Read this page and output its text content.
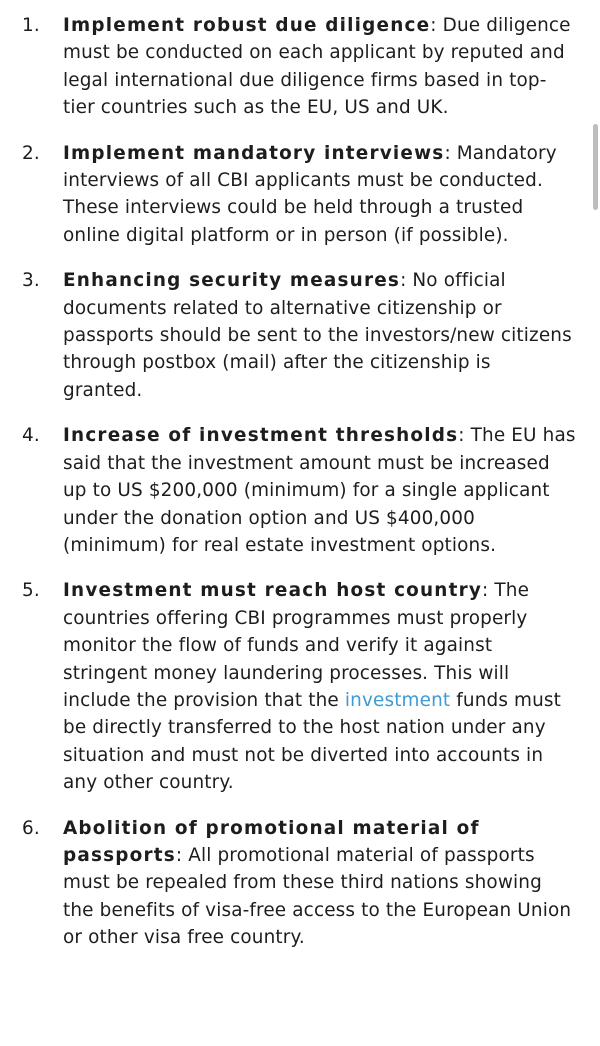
1.	Implement robust due diligence: Due diligence must be conducted on each applicant by reputed and legal international due diligence firms based in top-tier countries such as the EU, US and UK.
2.	Implement mandatory interviews: Mandatory interviews of all CBI applicants must be conducted. These interviews could be held through a trusted online digital platform or in person (if possible).
3.	Enhancing security measures: No official documents related to alternative citizenship or passports should be sent to the investors/new citizens through postbox (mail) after the citizenship is granted.
4.	Increase of investment thresholds: The EU has said that the investment amount must be increased up to US $200,000 (minimum) for a single applicant under the donation option and US $400,000 (minimum) for real estate investment options.
5.	Investment must reach host country: The countries offering CBI programmes must properly monitor the flow of funds and verify it against stringent money laundering processes. This will include the provision that the investment funds must be directly transferred to the host nation under any situation and must not be diverted into accounts in any other country.
6.	Abolition of promotional material of passports: All promotional material of passports must be repealed from these third nations showing the benefits of visa-free access to the European Union or other visa free country.
